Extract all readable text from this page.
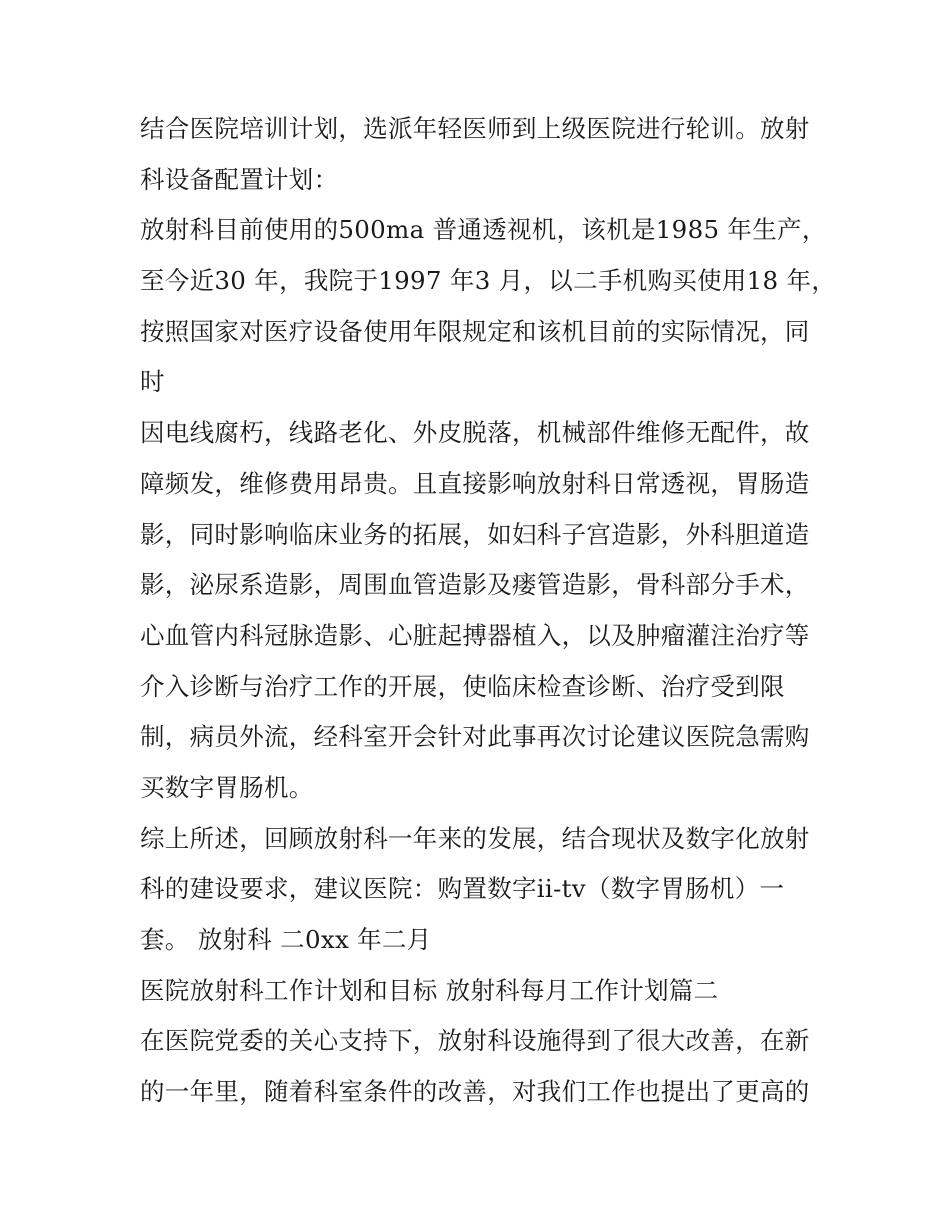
结合医院培训计划，选派年轻医师到上级医院进行轮训。放射
科设备配置计划：
放射科目前使用的500ma 普通透视机，该机是1985 年生产，
至今近30 年，我院于1997 年3 月，以二手机购买使用18 年，
按照国家对医疗设备使用年限规定和该机目前的实际情况，同
时
因电线腐朽，线路老化、外皮脱落，机械部件维修无配件，故
障频发，维修费用昂贵。且直接影响放射科日常透视，胃肠造
影，同时影响临床业务的拓展，如妇科子宫造影，外科胆道造
影，泌尿系造影，周围血管造影及瘘管造影，骨科部分手术，
心血管内科冠脉造影、心脏起搏器植入，以及肿瘤灌注治疗等
介入诊断与治疗工作的开展，使临床检查诊断、治疗受到限
制，病员外流，经科室开会针对此事再次讨论建议医院急需购
买数字胃肠机。
综上所述，回顾放射科一年来的发展，结合现状及数字化放射
科的建设要求，建议医院：购置数字ii-tv（数字胃肠机）一
套。 放射科 二0xx 年二月
医院放射科工作计划和目标 放射科每月工作计划篇二
在医院党委的关心支持下，放射科设施得到了很大改善，在新
的一年里，随着科室条件的改善，对我们工作也提出了更高的
